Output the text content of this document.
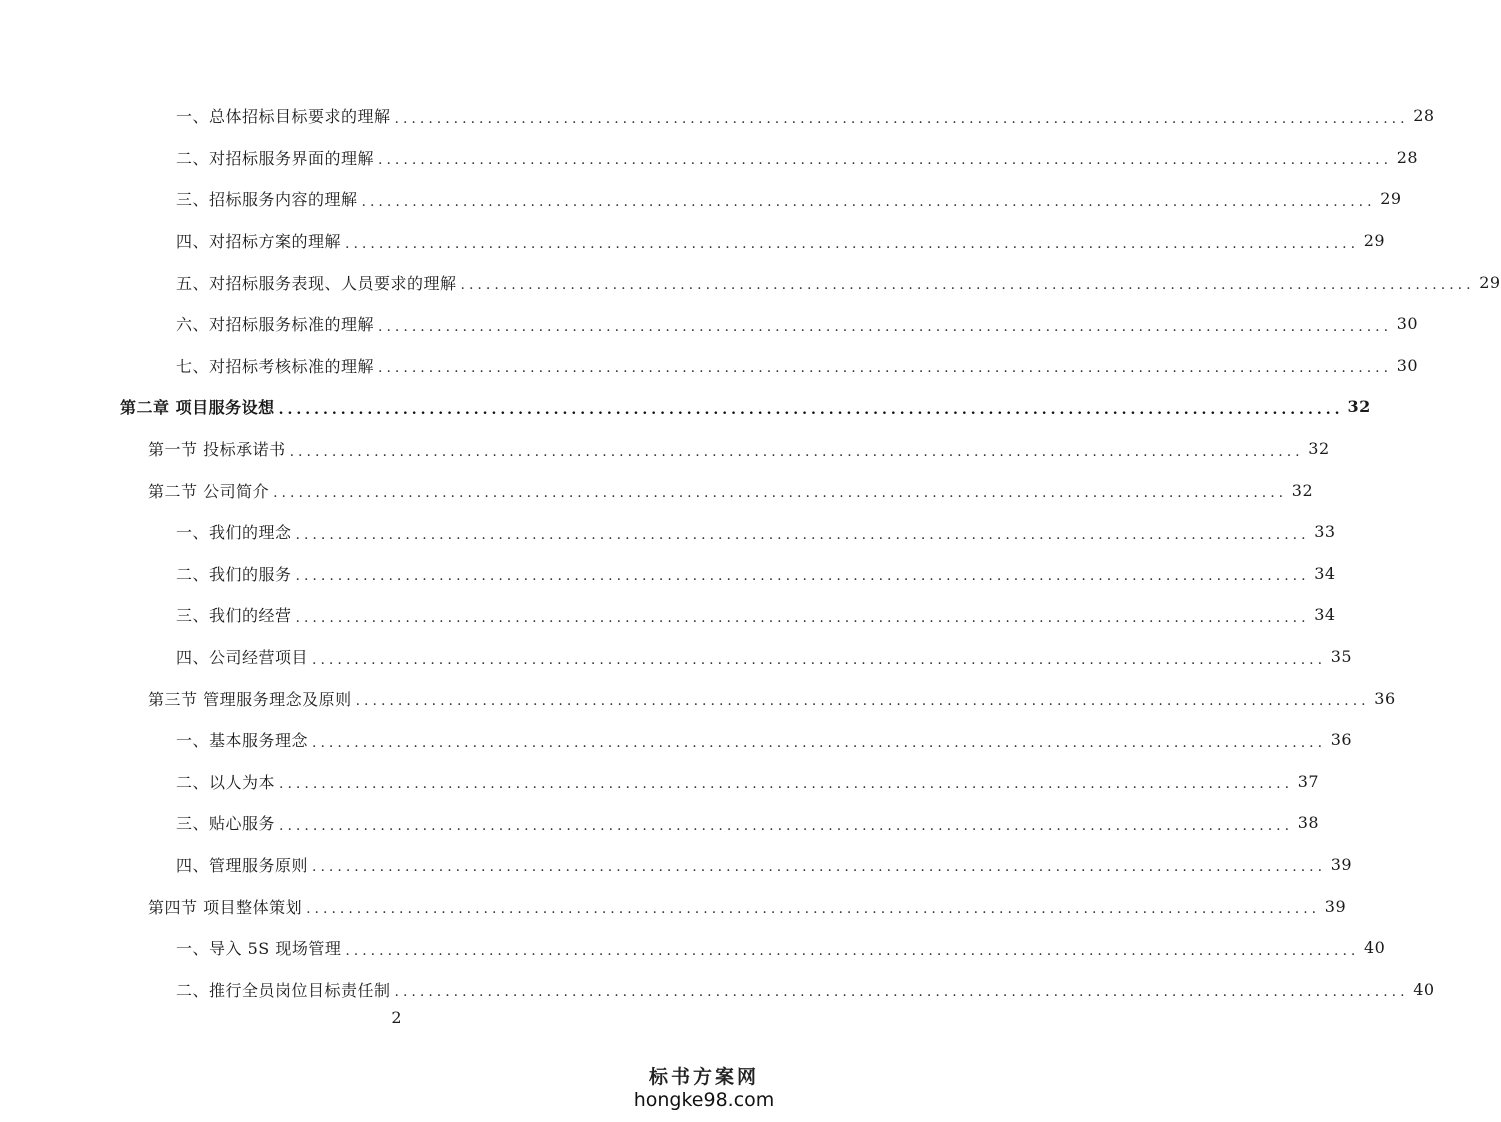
一、总体招标目标要求的理解 ........................................................................................................................ 28
二、对招标服务界面的理解 ........................................................................................................................ 28
三、招标服务内容的理解 ........................................................................................................................ 29
四、对招标方案的理解 ........................................................................................................................ 29
五、对招标服务表现、人员要求的理解 ........................................................................................................................ 29
六、对招标服务标准的理解 ........................................................................................................................ 30
七、对招标考核标准的理解 ........................................................................................................................ 30
第二章 项目服务设想 ........................................................................................................................ 32
第一节 投标承诺书 ........................................................................................................................ 32
第二节 公司简介 ........................................................................................................................ 32
一、我们的理念 ........................................................................................................................ 33
二、我们的服务 ........................................................................................................................ 34
三、我们的经营 ........................................................................................................................ 34
四、公司经营项目 ........................................................................................................................ 35
第三节 管理服务理念及原则 ........................................................................................................................ 36
一、基本服务理念 ........................................................................................................................ 36
二、以人为本 ........................................................................................................................ 37
三、贴心服务 ........................................................................................................................ 38
四、管理服务原则 ........................................................................................................................ 39
第四节 项目整体策划 ........................................................................................................................ 39
一、导入 5S 现场管理 ........................................................................................................................ 40
二、推行全员岗位目标责任制 ........................................................................................................................ 40
2
标书方案网
hongke98.com
